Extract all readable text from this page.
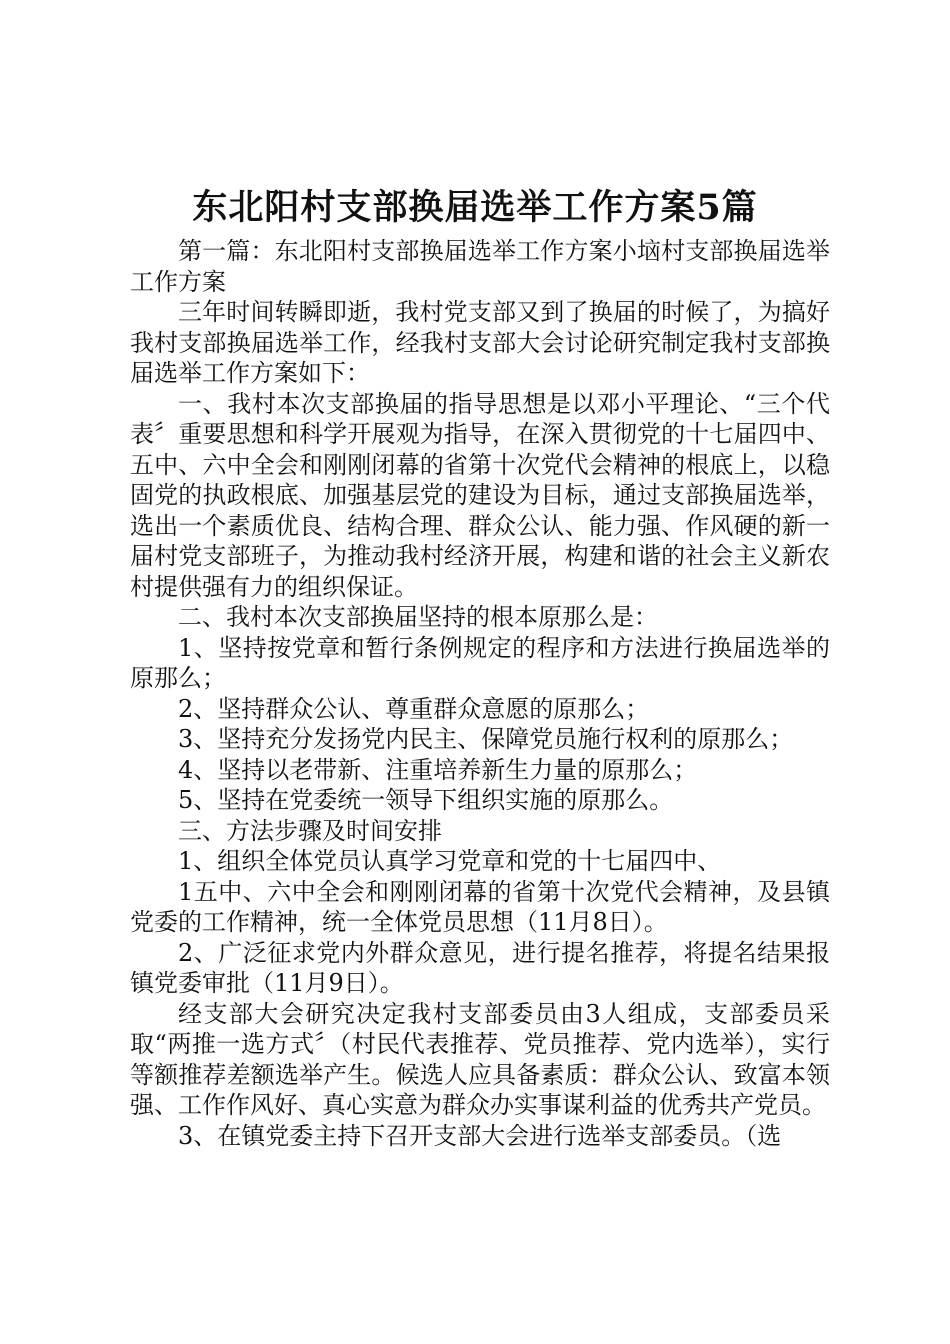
东北阳村支部换届选举工作方案5篇

第一篇：东北阳村支部换届选举工作方案小垴村支部换届选举工作方案

三年时间转瞬即逝，我村党支部又到了换届的时候了，为搞好我村支部换届选举工作，经我村支部大会讨论研究制定我村支部换届选举工作方案如下：

一、我村本次支部换届的指导思想是以邓小平理论、“三个代表〞重要思想和科学开展观为指导，在深入贯彻党的十七届四中、五中、六中全会和刚刚闭幕的省第十次党代会精神的根底上，以稳固党的执政根底、加强基层党的建设为目标，通过支部换届选举，选出一个素质优良、结构合理、群众公认、能力强、作风硬的新一届村党支部班子，为推动我村经济开展，构建和谐的社会主义新农村提供强有力的组织保证。

二、我村本次支部换届坚持的根本原那么是：

1、坚持按党章和暂行条例规定的程序和方法进行换届选举的原那么；

2、坚持群众公认、尊重群众意愿的原那么；

3、坚持充分发扬党内民主、保障党员施行权利的原那么；

4、坚持以老带新、注重培养新生力量的原那么；

5、坚持在党委统一领导下组织实施的原那么。

三、方法步骤及时间安排

1、组织全体党员认真学习党章和党的十七届四中、

1五中、六中全会和刚刚闭幕的省第十次党代会精神，及县镇党委的工作精神，统一全体党员思想（11月8日）。

2、广泛征求党内外群众意见，进行提名推荐，将提名结果报镇党委审批（11月9日）。

经支部大会研究决定我村支部委员由3人组成，支部委员采取“两推一选方式〞（村民代表推荐、党员推荐、党内选举），实行等额推荐差额选举产生。候选人应具备素质：群众公认、致富本领强、工作作风好、真心实意为群众办实事谋利益的优秀共产党员。

3、在镇党委主持下召开支部大会进行选举支部委员。（选
